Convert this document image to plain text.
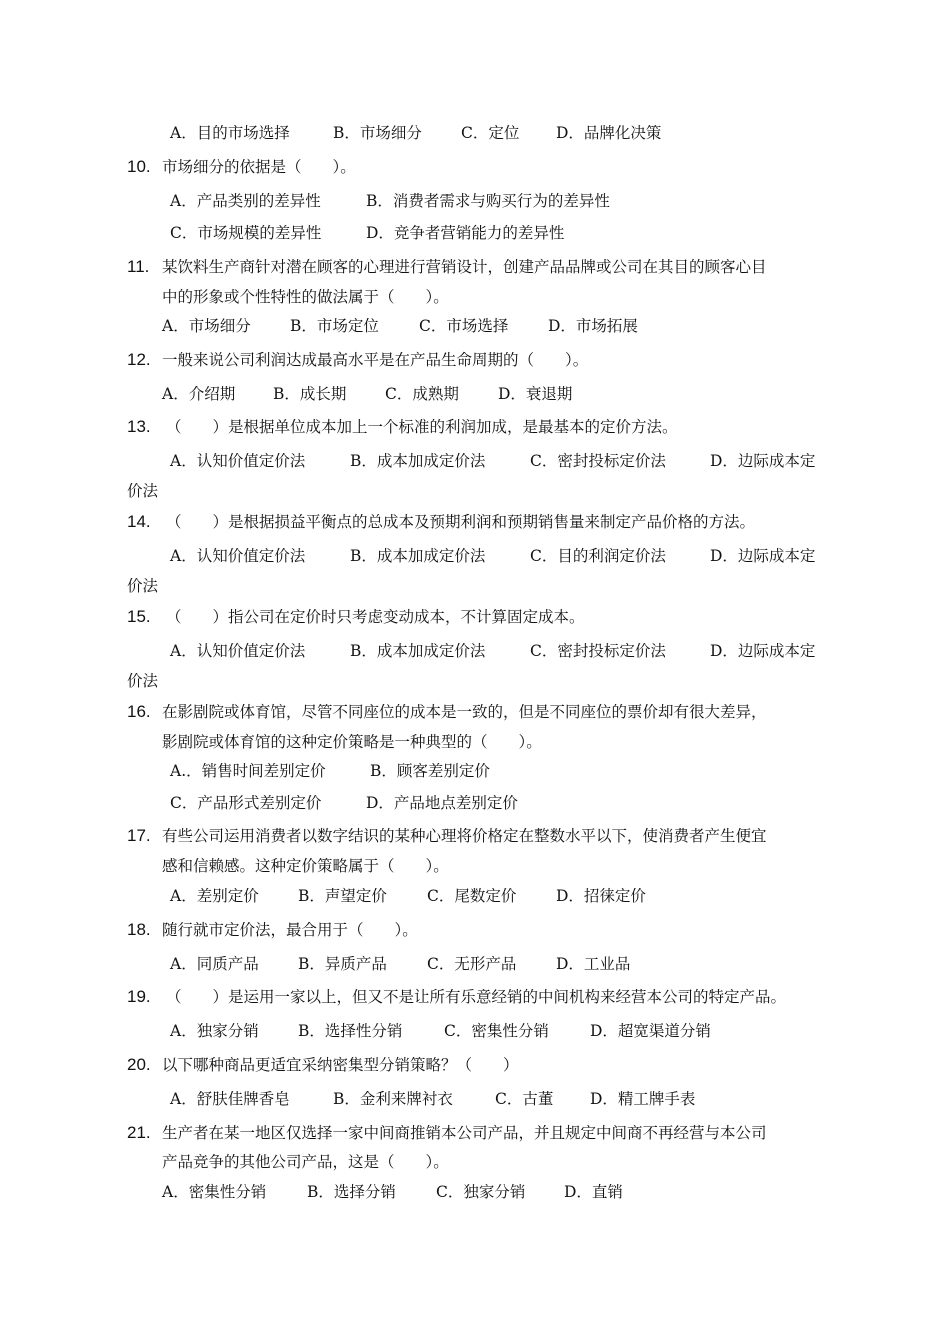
A．目的市场选择	B．市场细分	C．定位 D．品牌化决策
10. 市场细分的依据是（　　）。
A．产品类别的差异性	B．消费者需求与购买行为的差异性
C．市场规模的差异性	D．竞争者营销能力的差异性
11. 某饮料生产商针对潜在顾客的心理进行营销设计，创建产品品牌或公司在其目的顾客心目
中的形象或个性特性的做法属于（　　）。
A．市场细分	B．市场定位	C．市场选择	D．市场拓展
12. 一般来说公司利润达成最高水平是在产品生命周期的（　　）。
A．介绍期 B．成长期 C．成熟期	D．衰退期
13. （　　）是根据单位成本加上一个标准的利润加成，是最基本的定价方法。
A．认知价值定价法	B．成本加成定价法	C．密封投标定价法	D．边际成本定
价法
14. （　　）是根据损益平衡点的总成本及预期利润和预期销售量来制定产品价格的方法。
A．认知价值定价法	B．成本加成定价法	C．目的利润定价法	D．边际成本定
价法
15. （　　）指公司在定价时只考虑变动成本，不计算固定成本。
A．认知价值定价法	B．成本加成定价法	C．密封投标定价法	D．边际成本定
价法
16. 在影剧院或体育馆，尽管不同座位的成本是一致的，但是不同座位的票价却有很大差异，
影剧院或体育馆的这种定价策略是一种典型的（　　）。
A.．销售时间差别定价	B．顾客差别定价
C．产品形式差别定价	D．产品地点差别定价
17. 有些公司运用消费者以数字结识的某种心理将价格定在整数水平以下，使消费者产生便宜
感和信赖感。这种定价策略属于（　　）。
A．差别定价	B．声望定价	C．尾数定价	D．招徕定价
18. 随行就市定价法，最合用于（　　）。
A．同质产品	B．异质产品	C．无形产品	D．工业品
19. （　　）是运用一家以上，但又不是让所有乐意经销的中间机构来经营本公司的特定产品。
A．独家分销	B．选择性分销	C．密集性分销	D．超宽渠道分销
20. 以下哪种商品更适宜采纳密集型分销策略？（　　）
A．舒肤佳牌香皂	B．金利来牌衬衣	C．古董 D．精工牌手表
21. 生产者在某一地区仅选择一家中间商推销本公司产品，并且规定中间商不再经营与本公司
产品竞争的其他公司产品，这是（　　）。
A．密集性分销	B．选择分销	C．独家分销 D．直销
